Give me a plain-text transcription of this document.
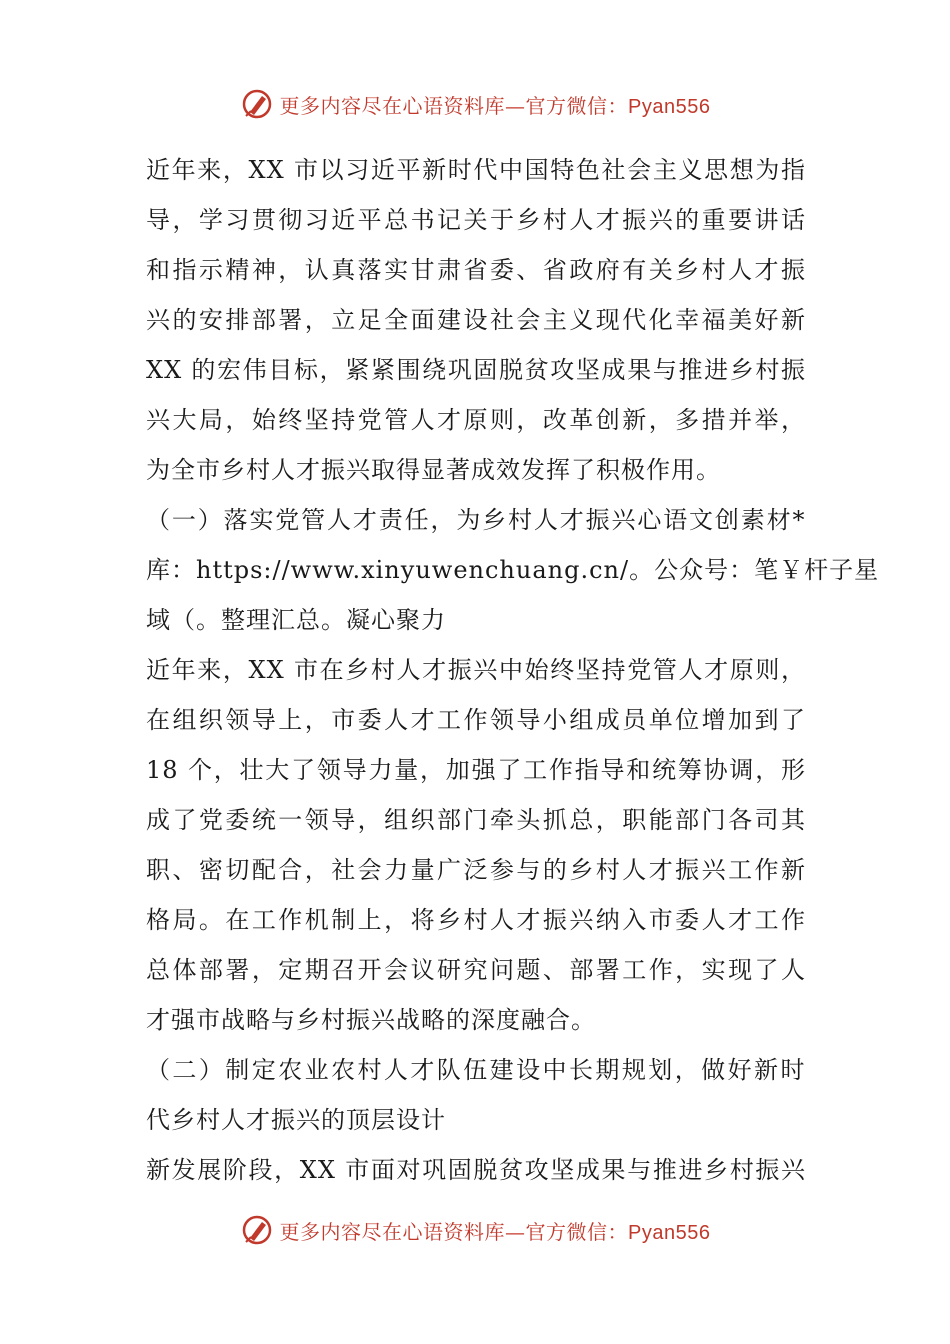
更多内容尽在心语资料库—官方微信：Pyan556
近年来，XX 市以习近平新时代中国特色社会主义思想为指
导，学习贯彻习近平总书记关于乡村人才振兴的重要讲话
和指示精神，认真落实甘肃省委、省政府有关乡村人才振
兴的安排部署，立足全面建设社会主义现代化幸福美好新
XX 的宏伟目标，紧紧围绕巩固脱贫攻坚成果与推进乡村振
兴大局，始终坚持党管人才原则，改革创新，多措并举，
为全市乡村人才振兴取得显著成效发挥了积极作用。
（一）落实党管人才责任，为乡村人才振兴心语文创素材*
库：https://www.xinyuwenchuang.cn/。公众号：笔￥杆子星
域（。整理汇总。凝心聚力
近年来，XX 市在乡村人才振兴中始终坚持党管人才原则，
在组织领导上，市委人才工作领导小组成员单位增加到了
18 个，壮大了领导力量，加强了工作指导和统筹协调，形
成了党委统一领导，组织部门牵头抓总，职能部门各司其
职、密切配合，社会力量广泛参与的乡村人才振兴工作新
格局。在工作机制上，将乡村人才振兴纳入市委人才工作
总体部署，定期召开会议研究问题、部署工作，实现了人
才强市战略与乡村振兴战略的深度融合。
（二）制定农业农村人才队伍建设中长期规划，做好新时
代乡村人才振兴的顶层设计
新发展阶段，XX 市面对巩固脱贫攻坚成果与推进乡村振兴
更多内容尽在心语资料库—官方微信：Pyan556
